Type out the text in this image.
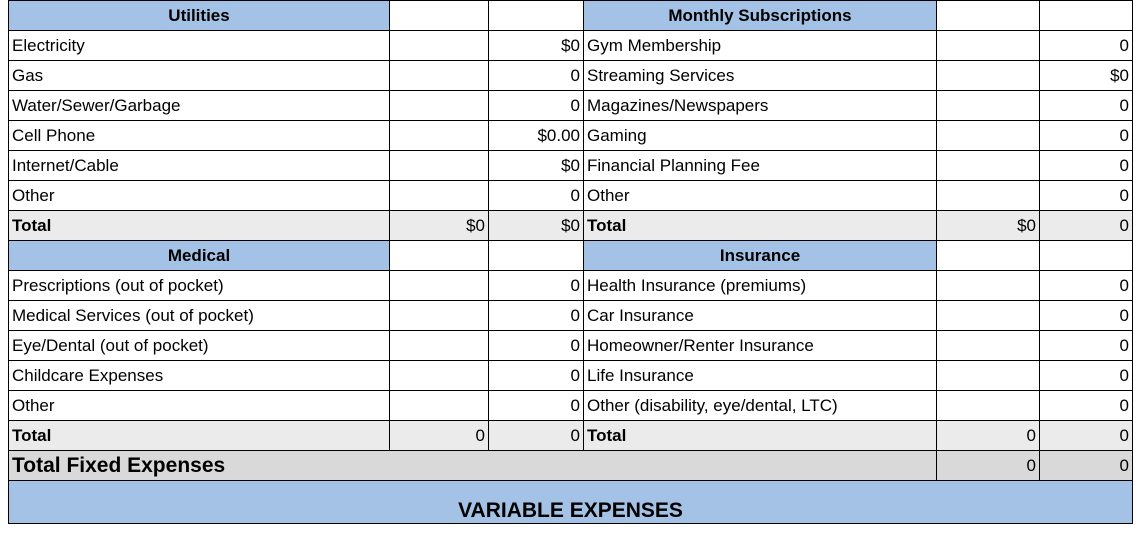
Utilities			Monthly Subscriptions		
Electricity		$0	Gym Membership		0
Gas		0	Streaming Services		$0
Water/Sewer/Garbage		0	Magazines/Newspapers		0
Cell Phone		$0.00	Gaming		0
Internet/Cable		$0	Financial Planning Fee		0
Other		0	Other		0
Total	$0	$0	Total	$0	0
Medical			Insurance		
Prescriptions (out of pocket)		0	Health Insurance (premiums)		0
Medical Services (out of pocket)		0	Car Insurance		0
Eye/Dental (out of pocket)		0	Homeowner/Renter Insurance		0
Childcare Expenses		0	Life Insurance		0
Other		0	Other (disability, eye/dental, LTC)		0
Total	0	0	Total	0	0
Total Fixed Expenses				0	0
VARIABLE EXPENSES					
